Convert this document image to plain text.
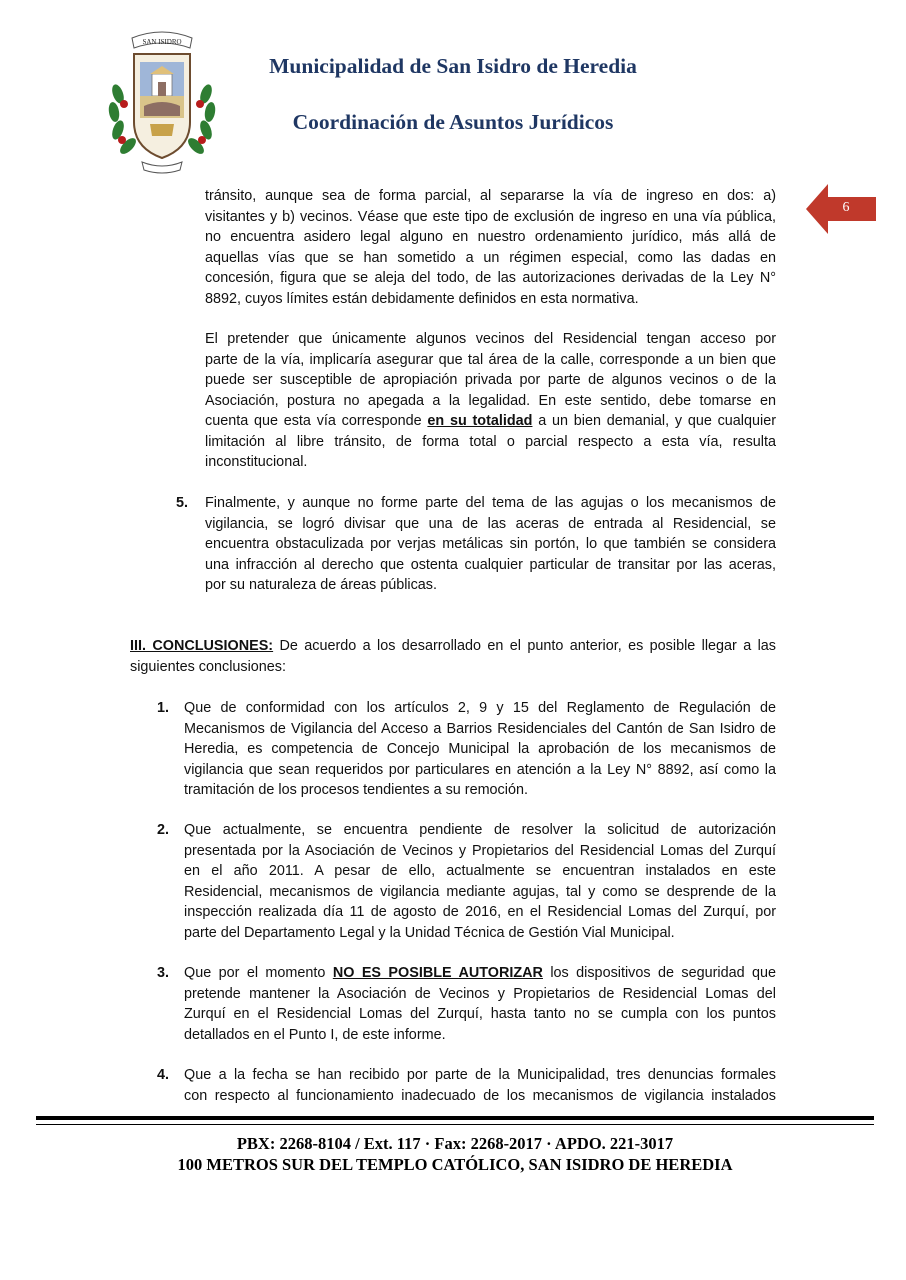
SAN ISIDRO
Municipalidad de San Isidro de Heredia
Coordinación de Asuntos Jurídicos
6
tránsito, aunque sea de forma parcial, al separarse la vía de ingreso en dos: a)
visitantes y b) vecinos. Véase que este tipo de exclusión de ingreso en una vía pública,
no encuentra asidero legal alguno en nuestro ordenamiento jurídico, más allá de
aquellas vías que se han sometido a un régimen especial, como las dadas en
concesión, figura que se aleja del todo, de las autorizaciones derivadas de la Ley N°
8892, cuyos límites están debidamente definidos en esta normativa.
El pretender que únicamente algunos vecinos del Residencial tengan acceso por
parte de la vía, implicaría asegurar que tal área de la calle, corresponde a un bien que
puede ser susceptible de apropiación privada por parte de algunos vecinos o de la
Asociación, postura no apegada a la legalidad. En este sentido, debe tomarse en
cuenta que esta vía corresponde en su totalidad a un bien demanial, y que cualquier
limitación al libre tránsito, de forma total o parcial respecto a esta vía, resulta
inconstitucional.
5. Finalmente, y aunque no forme parte del tema de las agujas o los mecanismos de
vigilancia, se logró divisar que una de las aceras de entrada al Residencial, se
encuentra obstaculizada por verjas metálicas sin portón, lo que también se considera
una infracción al derecho que ostenta cualquier particular de transitar por las aceras,
por su naturaleza de áreas públicas.
III. CONCLUSIONES: De acuerdo a los desarrollado en el punto anterior, es posible llegar a las
siguientes conclusiones:
1. Que de conformidad con los artículos 2, 9 y 15 del Reglamento de Regulación de
Mecanismos de Vigilancia del Acceso a Barrios Residenciales del Cantón de San Isidro de
Heredia, es competencia de Concejo Municipal la aprobación de los mecanismos de
vigilancia que sean requeridos por particulares en atención a la Ley N° 8892, así como la
tramitación de los procesos tendientes a su remoción.
2. Que actualmente, se encuentra pendiente de resolver la solicitud de autorización
presentada por la Asociación de Vecinos y Propietarios del Residencial Lomas del Zurquí
en el año 2011. A pesar de ello, actualmente se encuentran instalados en este
Residencial, mecanismos de vigilancia mediante agujas, tal y como se desprende de la
inspección realizada día 11 de agosto de 2016, en el Residencial Lomas del Zurquí, por
parte del Departamento Legal y la Unidad Técnica de Gestión Vial Municipal.
3. Que por el momento NO ES POSIBLE AUTORIZAR los dispositivos de seguridad que
pretende mantener la Asociación de Vecinos y Propietarios de Residencial Lomas del
Zurquí en el Residencial Lomas del Zurquí, hasta tanto no se cumpla con los puntos
detallados en el Punto I, de este informe.
4. Que a la fecha se han recibido por parte de la Municipalidad, tres denuncias formales
con respecto al funcionamiento inadecuado de los mecanismos de vigilancia instalados
PBX: 2268-8104 / Ext. 117 · Fax: 2268-2017 · APDO. 221-3017
100 METROS SUR DEL TEMPLO CATÓLICO, SAN ISIDRO DE HEREDIA
